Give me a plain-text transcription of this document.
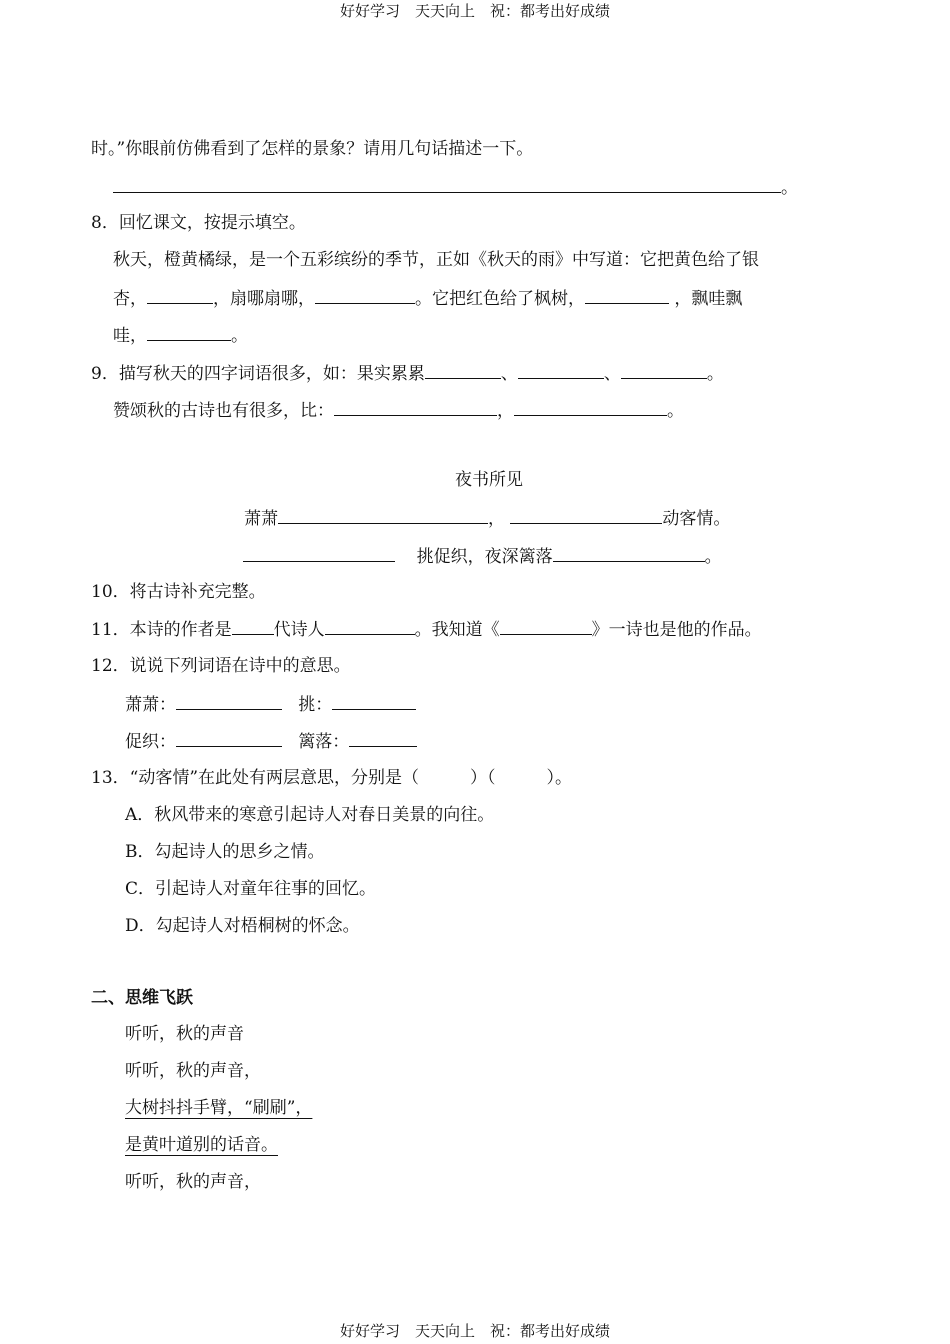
好好学习　天天向上　祝：都考出好成绩
时。”你眼前仿佛看到了怎样的景象？请用几句话描述一下。
。
8．回忆课文，按提示填空。
秋天，橙黄橘绿，是一个五彩缤纷的季节，正如《秋天的雨》中写道：它把黄色给了银
杏，	，扇哪扇哪，	。它把红色给了枫树，	，飘哇飘
哇，	。
9．描写秋天的四字词语很多，如：果实累累	、	、	。
赞颂秋的古诗也有很多，比：	，	。
夜书所见
萧萧	，	动客情。
挑促织，夜深篱落	。
10．将古诗补充完整。
11．本诗的作者是 代诗人	。我知道《	》一诗也是他的作品。
12．说说下列词语在诗中的意思。
萧萧：	挑：
促织：	篱落：
13．“动客情”在此处有两层意思，分别是（　　　）（　　　）。
A．秋风带来的寒意引起诗人对春日美景的向往。
B．勾起诗人的思乡之情。
C．引起诗人对童年往事的回忆。
D．勾起诗人对梧桐树的怀念。
二、思维飞跃
听听，秋的声音
听听，秋的声音，
大树抖抖手臂，“刷刷”，
是黄叶道别的话音。
听听，秋的声音，
好好学习　天天向上　祝：都考出好成绩
